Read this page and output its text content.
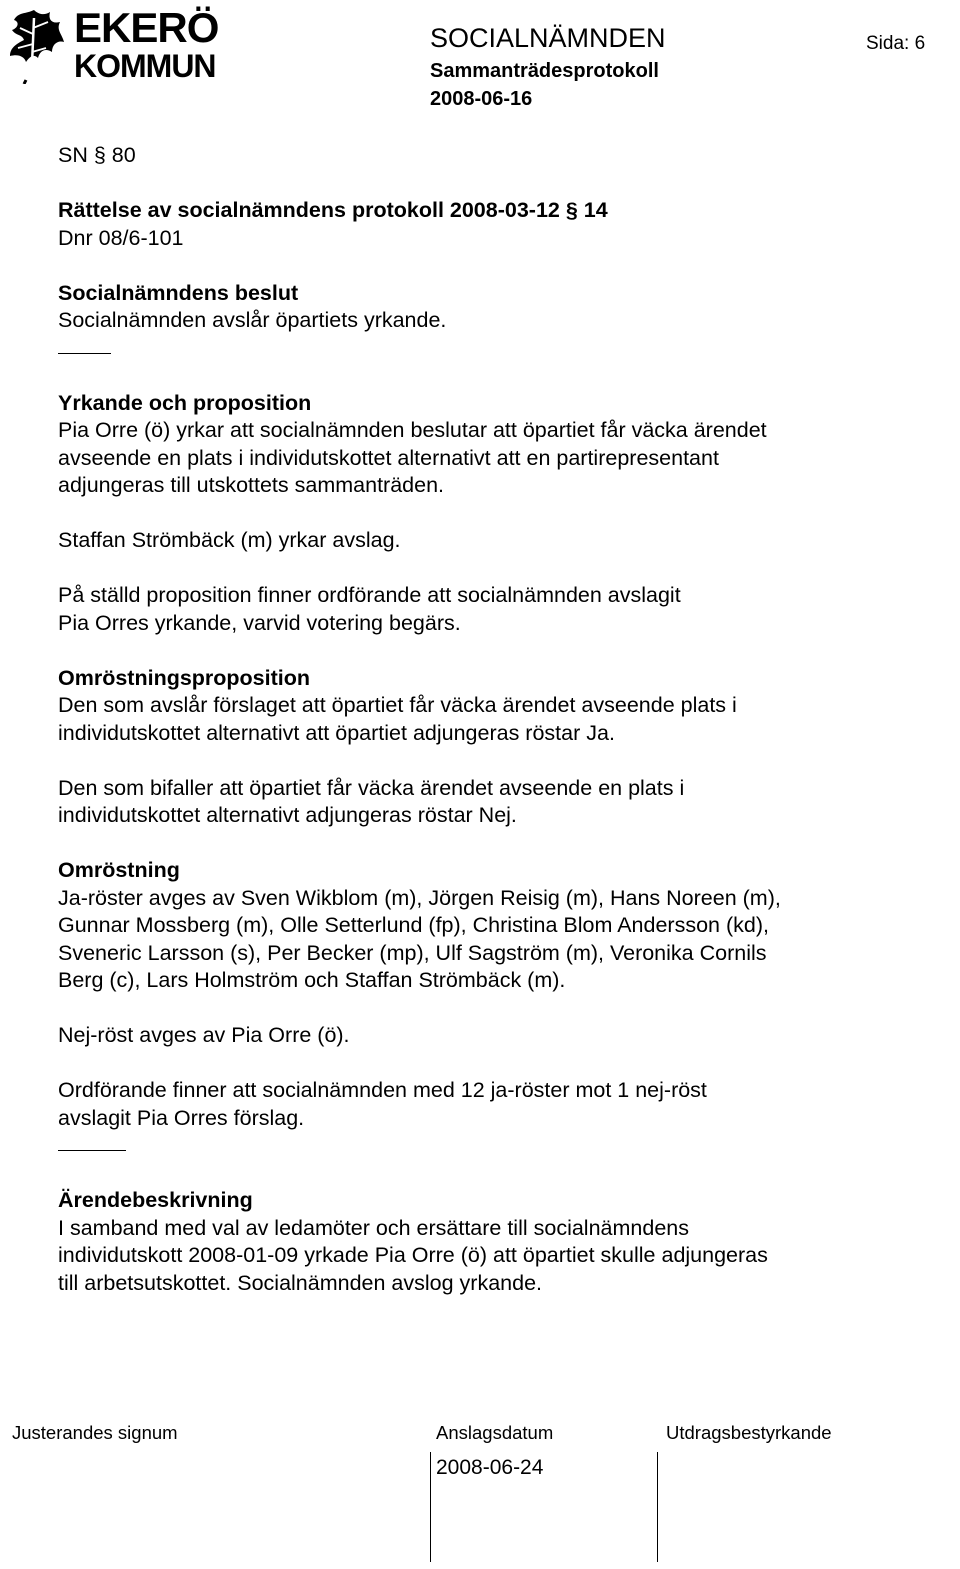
EKERÖ
KOMMUN
SOCIALNÄMNDEN
Sammanträdesprotokoll
2008-06-16
Sida: 6

SN § 80

Rättelse av socialnämndens protokoll 2008-03-12 § 14

Dnr 08/6-101

Socialnämndens beslut

Socialnämnden avslår öpartiets yrkande.

Yrkande och proposition

Pia Orre (ö) yrkar att socialnämnden beslutar att öpartiet får väcka ärendet

avseende en plats i individutskottet alternativt att en partirepresentant

adjungeras till utskottets sammanträden.

Staffan Strömbäck (m) yrkar avslag.

På ställd proposition finner ordförande att socialnämnden avslagit

Pia Orres yrkande, varvid votering begärs.

Omröstningsproposition

Den som avslår förslaget att öpartiet får väcka ärendet avseende plats i

individutskottet alternativt att öpartiet adjungeras röstar Ja.

Den som bifaller att öpartiet får väcka ärendet avseende en plats i

individutskottet alternativt adjungeras röstar Nej.

Omröstning

Ja-röster avges av Sven Wikblom (m), Jörgen Reisig (m), Hans Noreen (m),

Gunnar Mossberg (m), Olle Setterlund (fp), Christina Blom Andersson (kd),

Sveneric Larsson (s), Per Becker (mp), Ulf Sagström (m), Veronika Cornils

Berg (c), Lars Holmström och Staffan Strömbäck (m).

Nej-röst avges av Pia Orre (ö).

Ordförande finner att socialnämnden med 12 ja-röster mot 1 nej-röst

avslagit Pia Orres förslag.

Ärendebeskrivning

I samband med val av ledamöter och ersättare till socialnämndens

individutskott 2008-01-09 yrkade Pia Orre (ö) att öpartiet skulle adjungeras

till arbetsutskottet. Socialnämnden avslog yrkande.

Justerandes signum	Anslagsdatum	Utdragsbestyrkande
2008-06-24
